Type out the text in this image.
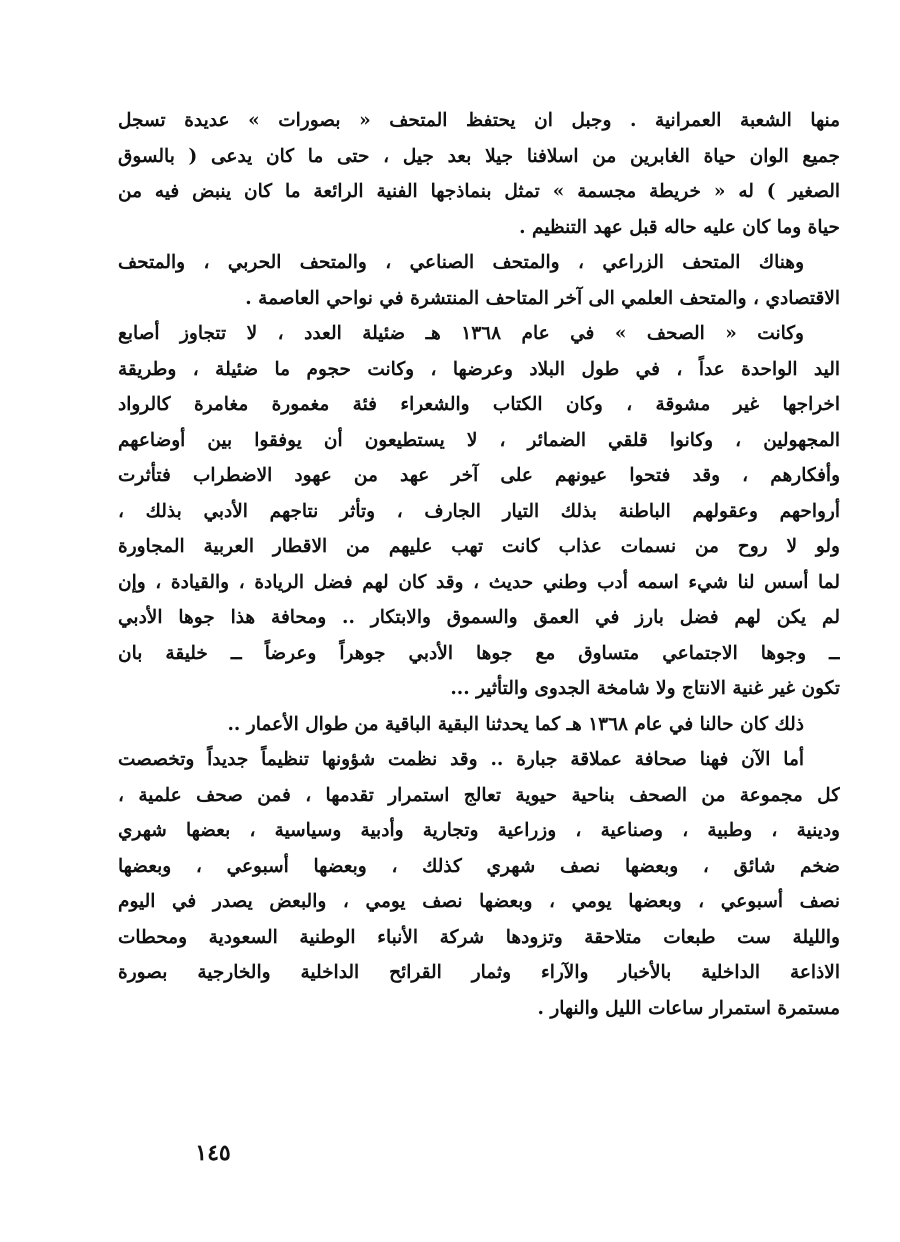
منها الشعبة العمرانية . وجبل ان يحتفظ المتحف « بصورات » عديدة تسجل
جميع الوان حياة الغابرين من اسلافنا جيلا بعد جيل ، حتى ما كان يدعى ( بالسوق
الصغير ) له « خريطة مجسمة » تمثل بنماذجها الفنية الرائعة ما كان ينبض فيه من
حياة وما كان عليه حاله قبل عهد التنظيم .
وهناك المتحف الزراعي ، والمتحف الصناعي ، والمتحف الحربي ، والمتحف
الاقتصادي ، والمتحف العلمي الى آخر المتاحف المنتشرة في نواحي العاصمة .
وكانت « الصحف » في عام ١٣٦٨ هـ ضئيلة العدد ، لا تتجاوز أصابع
اليد الواحدة عداً ، في طول البلاد وعرضها ، وكانت حجوم ما ضئيلة ، وطريقة
اخراجها غير مشوقة ، وكان الكتاب والشعراء فئة مغمورة مغامرة كالرواد
المجهولين ، وكانوا قلقي الضمائر ، لا يستطيعون أن يوفقوا بين أوضاعهم
وأفكارهم ، وقد فتحوا عيونهم على آخر عهد من عهود الاضطراب فتأثرت
أرواحهم وعقولهم الباطنة بذلك التيار الجارف ، وتأثر نتاجهم الأدبي بذلك ،
ولو لا روح من نسمات عذاب كانت تهب عليهم من الاقطار العربية المجاورة
لما أسس لنا شيء اسمه أدب وطني حديث ، وقد كان لهم فضل الريادة ، والقيادة ، وإن
لم يكن لهم فضل بارز في العمق والسموق والابتكار .. ومحافة هذا جوها الأدبي
ــ وجوها الاجتماعي متساوق مع جوها الأدبي جوهراً وعرضاً ــ خليقة بان
تكون غير غنية الانتاج ولا شامخة الجدوى والتأثير ...
ذلك كان حالنا في عام ١٣٦٨ هـ كما يحدثنا البقية الباقية من طوال الأعمار ..
أما الآن فهنا صحافة عملاقة جبارة .. وقد نظمت شؤونها تنظيماً جديداً وتخصصت
كل مجموعة من الصحف بناحية حيوية تعالج استمرار تقدمها ، فمن صحف علمية ،
ودينية ، وطبية ، وصناعية ، وزراعية وتجارية وأدبية وسياسية ، بعضها شهري
ضخم شائق ، وبعضها نصف شهري كذلك ، وبعضها أسبوعي ، وبعضها
نصف أسبوعي ، وبعضها يومي ، وبعضها نصف يومي ، والبعض يصدر في اليوم
والليلة ست طبعات متلاحقة وتزودها شركة الأنباء الوطنية السعودية ومحطات
الاذاعة الداخلية بالأخبار والآراء وثمار القرائح الداخلية والخارجية بصورة
مستمرة استمرار ساعات الليل والنهار .
١٤٥
